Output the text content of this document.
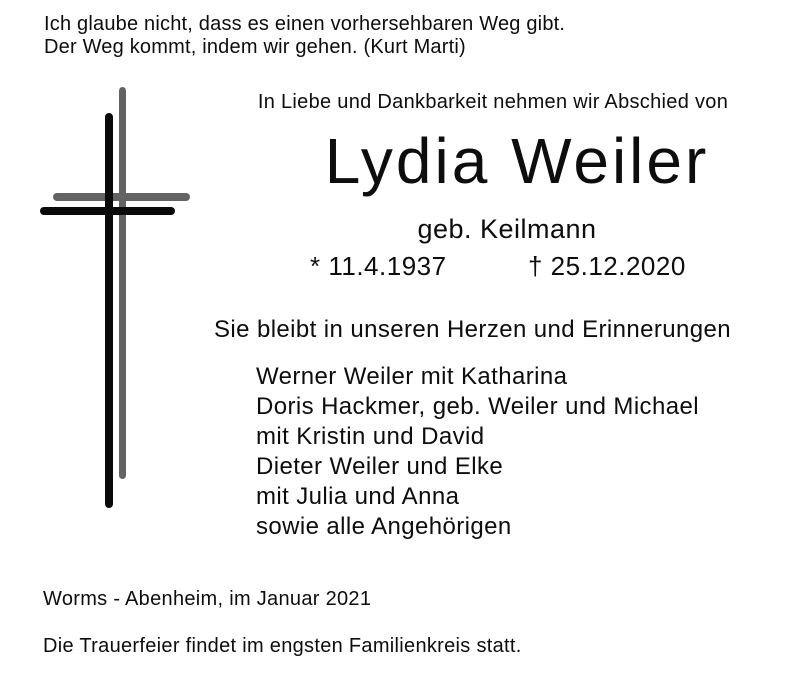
Ich glaube nicht, dass es einen vorhersehbaren Weg gibt.
Der Weg kommt, indem wir gehen. (Kurt Marti)
In Liebe und Dankbarkeit nehmen wir Abschied von
Lydia Weiler
geb. Keilmann
* 11.4.1937	† 25.12.2020
Sie bleibt in unseren Herzen und Erinnerungen
Werner Weiler mit Katharina
Doris Hackmer, geb. Weiler und Michael
mit Kristin und David
Dieter Weiler und Elke
mit Julia und Anna
sowie alle Angehörigen
Worms - Abenheim, im Januar 2021
Die Trauerfeier findet im engsten Familienkreis statt.
